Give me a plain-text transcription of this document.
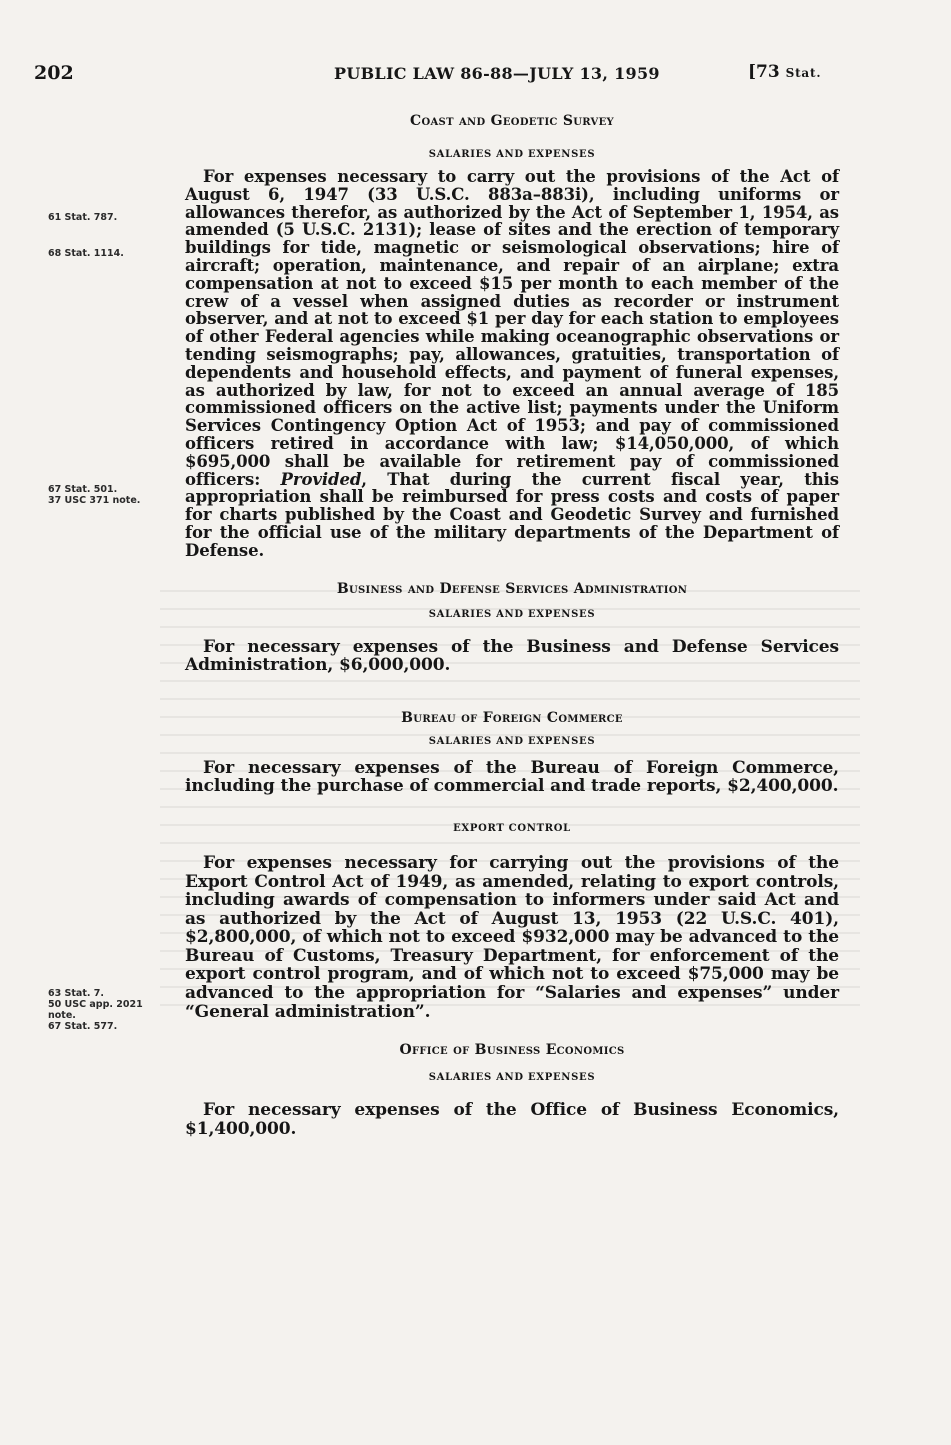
202	PUBLIC LAW 86-88—JULY 13, 1959	[73 Stat.
61 Stat. 787.
68 Stat. 1114.
67 Stat. 501.
37 USC 371 note.
63 Stat. 7.
50 USC app. 2021
note.
67 Stat. 577.

Coast and Geodetic Survey

SALARIES AND EXPENSES

For expenses necessary to carry out the provisions of the Act of August 6, 1947 (33 U.S.C. 883a–883i), including uniforms or allowances therefor, as authorized by the Act of September 1, 1954, as amended (5 U.S.C. 2131); lease of sites and the erection of temporary buildings for tide, magnetic or seismological observations; hire of aircraft; operation, maintenance, and repair of an airplane; extra compensation at not to exceed $15 per month to each member of the crew of a vessel when assigned duties as recorder or instrument observer, and at not to exceed $1 per day for each station to employees of other Federal agencies while making oceanographic observations or tending seismographs; pay, allowances, gratuities, transportation of dependents and household effects, and payment of funeral expenses, as authorized by law, for not to exceed an annual average of 185 commissioned officers on the active list; payments under the Uniform Services Contingency Option Act of 1953; and pay of commissioned officers retired in accordance with law; $14,050,000, of which $695,000 shall be available for retirement pay of commissioned officers: Provided, That during the current fiscal year, this appropriation shall be reimbursed for press costs and costs of paper for charts published by the Coast and Geodetic Survey and furnished for the official use of the military departments of the Department of Defense.

Business and Defense Services Administration

SALARIES AND EXPENSES

For necessary expenses of the Business and Defense Services Administration, $6,000,000.

Bureau of Foreign Commerce

SALARIES AND EXPENSES

For necessary expenses of the Bureau of Foreign Commerce, including the purchase of commercial and trade reports, $2,400,000.

EXPORT CONTROL

For expenses necessary for carrying out the provisions of the Export Control Act of 1949, as amended, relating to export controls, including awards of compensation to informers under said Act and as authorized by the Act of August 13, 1953 (22 U.S.C. 401), $2,800,000, of which not to exceed $932,000 may be advanced to the Bureau of Customs, Treasury Department, for enforcement of the export control program, and of which not to exceed $75,000 may be advanced to the appropriation for “Salaries and expenses” under “General administration”.

Office of Business Economics

SALARIES AND EXPENSES

For necessary expenses of the Office of Business Economics, $1,400,000.
